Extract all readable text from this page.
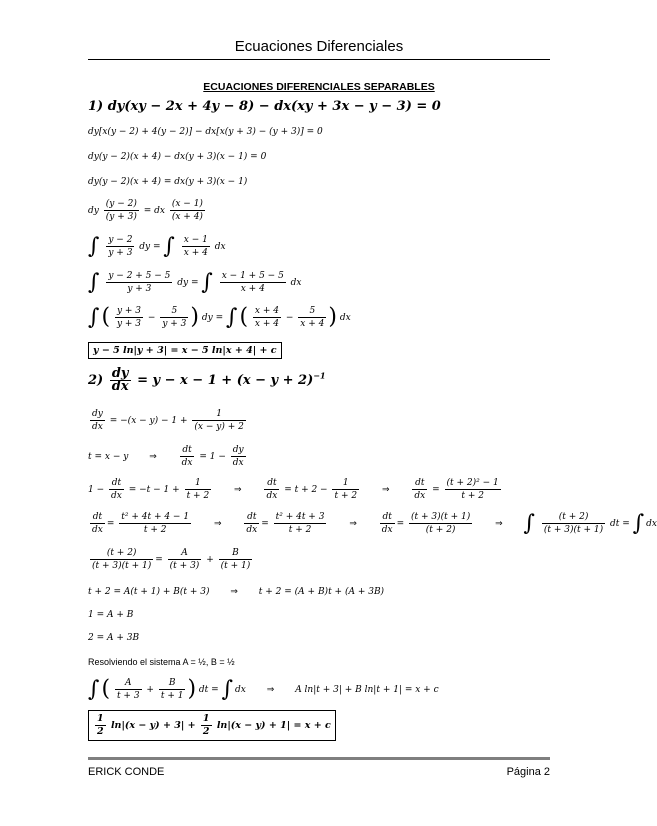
Ecuaciones Diferenciales
ECUACIONES DIFERENCIALES SEPARABLES
1) dy(xy − 2x + 4y − 8) − dx(xy + 3x − y − 3) = 0
dy[x(y − 2) + 4(y − 2)] − dx[x(y + 3) − (y + 3)] = 0
dy(y − 2)(x + 4) − dx(y + 3)(x − 1) = 0
dy(y − 2)(x + 4) = dx(y + 3)(x − 1)
dy $\frac{(y - 2)}{(y + 3)}$ = dx $\frac{(x - 1)}{(x + 4)}$
∫ $\frac{y - 2}{y + 3}$ dy = ∫ $\frac{x - 1}{x + 4}$ dx
∫ $\frac{y - 2 + 5 - 5}{y + 3}$ dy = ∫ $\frac{x - 1 + 5 - 5}{x + 4}$ dx
∫( $\frac{y + 3}{y + 3} - \frac{5}{y + 3}$ ) dy = ∫( $\frac{x + 4}{x + 4} - \frac{5}{x + 4}$ ) dx
y − 5 ln|y + 3| = x − 5 ln|x + 4| + c
$2) \frac{dy}{dx} = y - x - 1 + (x - y + 2)^{-1}$
$\frac{dy}{dx} = -(x - y) - 1 + \frac{1}{(x - y) + 2}$
t = x − y ⇒	$\frac{dt}{dx} = 1 - \frac{dy}{dx}$
$1 - \frac{dt}{dx} = -t - 1 + \frac{1}{t + 2}$	⇒	$\frac{dt}{dx} = t + 2 - \frac{1}{t + 2}$	⇒	$\frac{dt}{dx} = \frac{\text{(t + 2)² − 1}}{t + 2}$
$\frac{dt}{dx} = \frac{\text{t² + 4t + 4 − 1}}{t + 2}$	⇒	$\frac{dt}{dx} = \frac{\text{t² + 4t + 3}}{t + 2}$	⇒	$\frac{dt}{dx} = \frac{(t + 3)(t + 1)}{(t + 2)}$	⇒ ∫ $\frac{(t + 2)}{(t + 3)(t + 1)}$ dt = ∫ dx
$\frac{(t + 2)}{(t + 3)(t + 1)} = \frac{A}{(t + 3)} + \frac{B}{(t + 1)}$
t + 2 = A(t + 1) + B(t + 3) ⇒ t + 2 = (A + B)t + (A + 3B)
1 = A + B
2 = A + 3B
Resolviendo el sistema A = ½, B = ½
∫( $\frac{A}{t + 3} + \frac{B}{t + 1}$ ) dt = ∫ dx ⇒ A ln|t + 3| + B ln|t + 1| = x + c
$\frac{1}{2} \ln|(x - y) + 3| + \frac{1}{2} \ln|(x - y) + 1| = x + c$
ERICK CONDE	Página 2
